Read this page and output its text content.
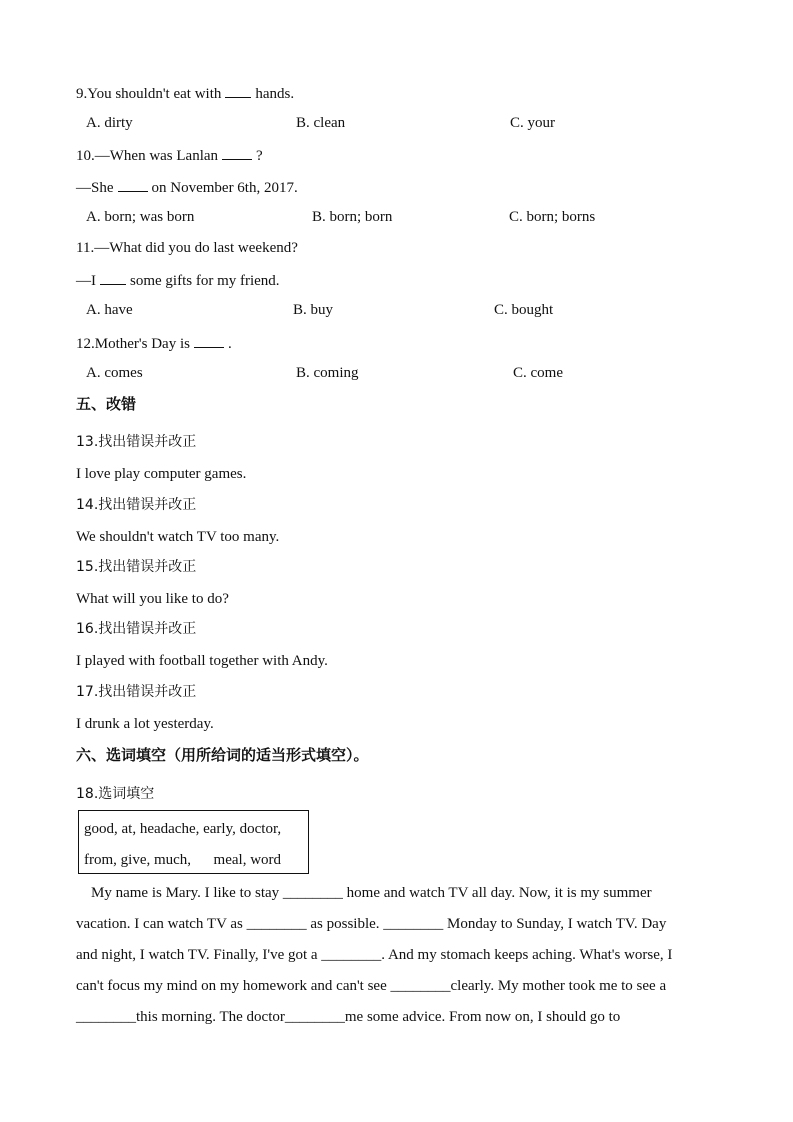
9.You shouldn't eat with hands.
A. dirty	B. clean	C. your
10.—When was Lanlan	?
—She	on November 6th, 2017.
A. born; was born	B. born; born	C. born; borns
11.—What did you do last weekend?
—I some gifts for my friend.
A. have	B. buy	C. bought
12.Mother's Day is	.
A. comes	B. coming	C. come
五、改错
13.找出错误并改正
I love play computer games.
14.找出错误并改正
We shouldn't watch TV too many.
15.找出错误并改正
What will you like to do?
16.找出错误并改正
I played with football together with Andy.
17.找出错误并改正
I drunk a lot yesterday.
六、选词填空（用所给词的适当形式填空）。
18.选词填空
good, at, headache, early, doctor,
from, give, much,      meal, word
My name is Mary. I like to stay ________ home and watch TV all day. Now, it is my summer
vacation. I can watch TV as ________ as possible. ________ Monday to Sunday, I watch TV. Day
and night, I watch TV. Finally, I've got a ________. And my stomach keeps aching. What's worse, I
can't focus my mind on my homework and can't see ________clearly. My mother took me to see a
________this morning. The doctor________me some advice. From now on, I should go to
